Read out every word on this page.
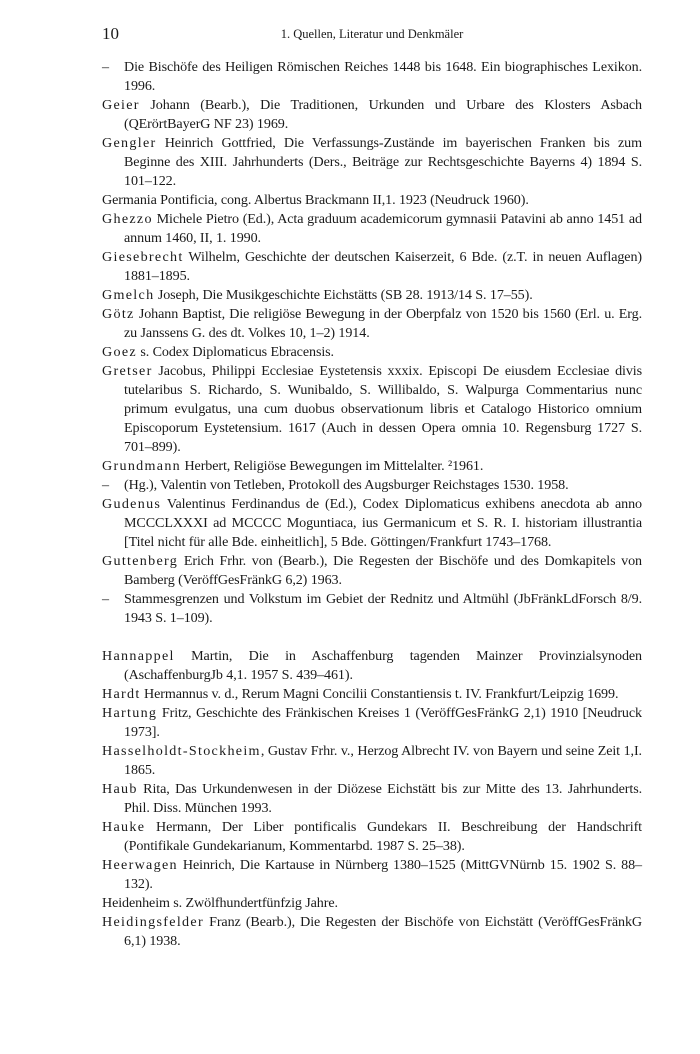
10	1. Quellen, Literatur und Denkmäler
– Die Bischöfe des Heiligen Römischen Reiches 1448 bis 1648. Ein biographisches Lexikon. 1996.
Geier Johann (Bearb.), Die Traditionen, Urkunden und Urbare des Klosters Asbach (QErörtBayerG NF 23) 1969.
Gengler Heinrich Gottfried, Die Verfassungs-Zustände im bayerischen Franken bis zum Beginne des XIII. Jahrhunderts (Ders., Beiträge zur Rechtsgeschichte Bayerns 4) 1894 S. 101–122.
Germania Pontificia, cong. Albertus Brackmann II,1. 1923 (Neudruck 1960).
Ghezzo Michele Pietro (Ed.), Acta graduum academicorum gymnasii Patavini ab anno 1451 ad annum 1460, II, 1. 1990.
Giesebrecht Wilhelm, Geschichte der deutschen Kaiserzeit, 6 Bde. (z.T. in neuen Auflagen) 1881–1895.
Gmelch Joseph, Die Musikgeschichte Eichstätts (SB 28. 1913/14 S. 17–55).
Götz Johann Baptist, Die religiöse Bewegung in der Oberpfalz von 1520 bis 1560 (Erl. u. Erg. zu Janssens G. des dt. Volkes 10, 1–2) 1914.
Goez s. Codex Diplomaticus Ebracensis.
Gretser Jacobus, Philippi Ecclesiae Eystetensis xxxix. Episcopi De eiusdem Ecclesiae divis tutelaribus S. Richardo, S. Wunibaldo, S. Willibaldo, S. Walpurga Commentarius nunc primum evulgatus, una cum duobus observationum libris et Catalogo Historico omnium Episcoporum Eystetensium. 1617 (Auch in dessen Opera omnia 10. Regensburg 1727 S. 701–899).
Grundmann Herbert, Religiöse Bewegungen im Mittelalter. ²1961.
– (Hg.), Valentin von Tetleben, Protokoll des Augsburger Reichstages 1530. 1958.
Gudenus Valentinus Ferdinandus de (Ed.), Codex Diplomaticus exhibens anecdota ab anno MCCCLXXXI ad MCCCC Moguntiaca, ius Germanicum et S. R. I. historiam illustrantia [Titel nicht für alle Bde. einheitlich], 5 Bde. Göttingen/Frankfurt 1743–1768.
Guttenberg Erich Frhr. von (Bearb.), Die Regesten der Bischöfe und des Domkapitels von Bamberg (VeröffGesFränkG 6,2) 1963.
– Stammesgrenzen und Volkstum im Gebiet der Rednitz und Altmühl (JbFränkLdForsch 8/9. 1943 S. 1–109).
Hannappel Martin, Die in Aschaffenburg tagenden Mainzer Provinzialsynoden (AschaffenburgJb 4,1. 1957 S. 439–461).
Hardt Hermannus v. d., Rerum Magni Concilii Constantiensis t. IV. Frankfurt/Leipzig 1699.
Hartung Fritz, Geschichte des Fränkischen Kreises 1 (VeröffGesFränkG 2,1) 1910 [Neudruck 1973].
Hasselholdt-Stockheim, Gustav Frhr. v., Herzog Albrecht IV. von Bayern und seine Zeit 1,I. 1865.
Haub Rita, Das Urkundenwesen in der Diözese Eichstätt bis zur Mitte des 13. Jahrhunderts. Phil. Diss. München 1993.
Hauke Hermann, Der Liber pontificalis Gundekars II. Beschreibung der Handschrift (Pontifikale Gundekarianum, Kommentarbd. 1987 S. 25–38).
Heerwagen Heinrich, Die Kartause in Nürnberg 1380–1525 (MittGVNürnb 15. 1902 S. 88–132).
Heidenheim s. Zwölfhundertfünfzig Jahre.
Heidingsfelder Franz (Bearb.), Die Regesten der Bischöfe von Eichstätt (VeröffGesFränkG 6,1) 1938.
